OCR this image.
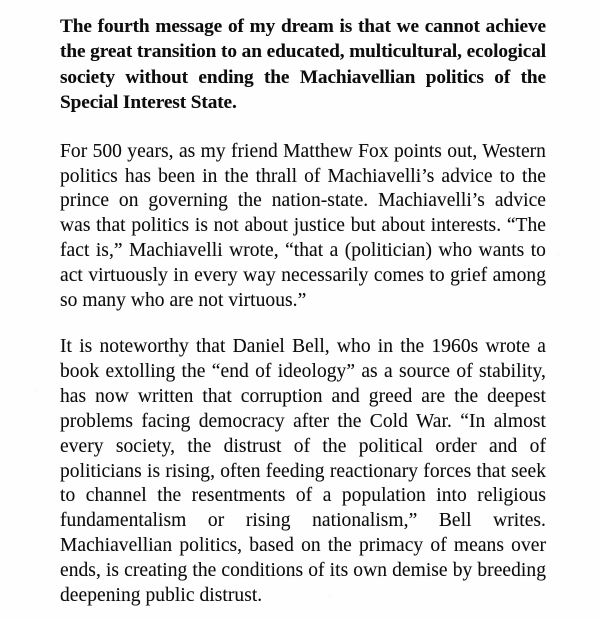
The fourth message of my dream is that we cannot achieve the great transition to an educated, multicultural, ecological society without ending the Machiavellian politics of the Special Interest State.

For 500 years, as my friend Matthew Fox points out, Western politics has been in the thrall of Machiavelli’s advice to the prince on governing the nation-state. Machiavelli’s advice was that politics is not about justice but about interests. “The fact is,” Machiavelli wrote, “that a (politician) who wants to act virtuously in every way necessarily comes to grief among so many who are not virtuous.”

It is noteworthy that Daniel Bell, who in the 1960s wrote a book extolling the “end of ideology” as a source of stability, has now written that corruption and greed are the deepest problems facing democracy after the Cold War. “In almost every society, the distrust of the political order and of politicians is rising, often feeding reactionary forces that seek to channel the resentments of a population into religious fundamentalism or rising nationalism,” Bell writes. Machiavellian politics, based on the primacy of means over ends, is creating the conditions of its own demise by breeding deepening public distrust.
